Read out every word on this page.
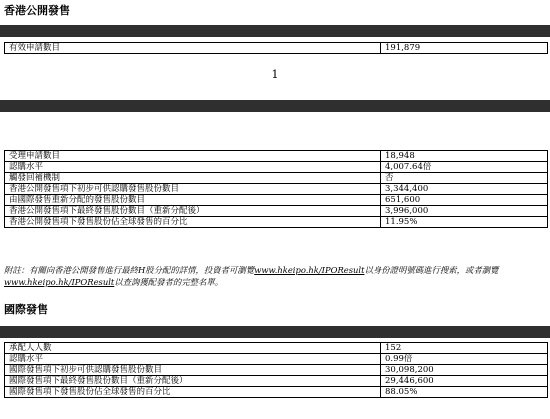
香港公開發售
有效申請數目	191,879
1
受理申請數目	18,948
認購水平	4,007.64倍
觸發回補機制	否
香港公開發售項下初步可供認購發售股份數目	3,344,400
由國際發售重新分配的發售股份數目	651,600
香港公開發售項下最終發售股份數目（重新分配後）	3,996,000
香港公開發售項下發售股份佔全球發售的百分比	11.95%
附註：有關向香港公開發售進行最終H股分配的詳情，投資者可瀏覽www.hkeipo.hk/IPOResult以身份證明號碼進行搜索，或者瀏覽www.hkeipo.hk/IPOResult以查詢獲配發者的完整名單。
國際發售
承配人人數	152
認購水平	0.99倍
國際發售項下初步可供認購發售股份數目	30,098,200
國際發售項下最終發售股份數目（重新分配後）	29,446,600
國際發售項下發售股份佔全球發售的百分比	88.05%
